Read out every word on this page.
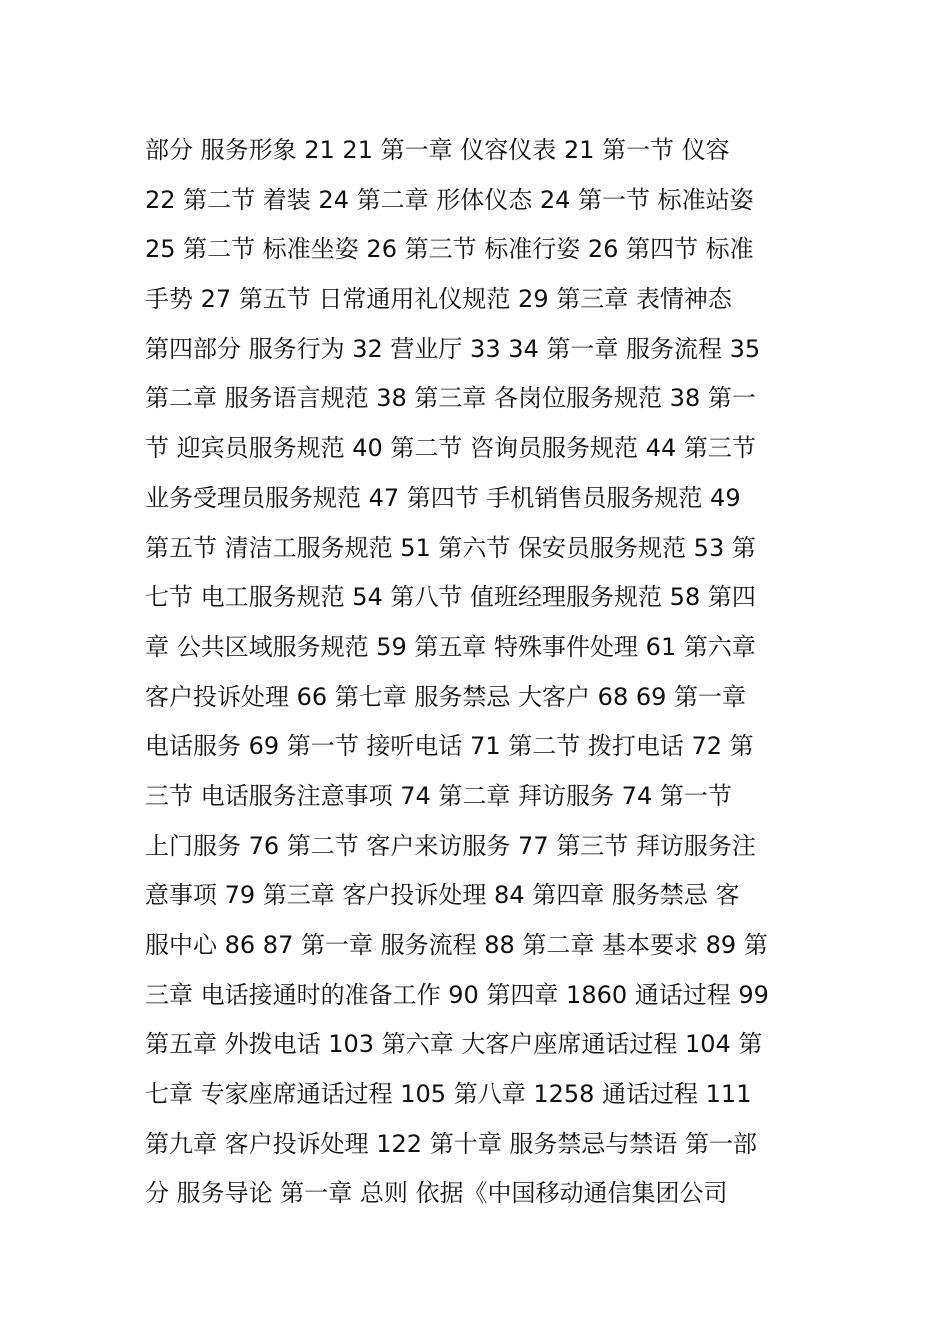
部分 服务形象 21 21 第一章 仪容仪表 21 第一节 仪容
22 第二节 着装 24 第二章 形体仪态 24 第一节 标准站姿
25 第二节 标准坐姿 26 第三节 标准行姿 26 第四节 标准
手势 27 第五节 日常通用礼仪规范 29 第三章 表情神态
第四部分 服务行为 32 营业厅 33 34 第一章 服务流程 35
第二章 服务语言规范 38 第三章 各岗位服务规范 38 第一
节 迎宾员服务规范 40 第二节 咨询员服务规范 44 第三节
业务受理员服务规范 47 第四节 手机销售员服务规范 49
第五节 清洁工服务规范 51 第六节 保安员服务规范 53 第
七节 电工服务规范 54 第八节 值班经理服务规范 58 第四
章 公共区域服务规范 59 第五章 特殊事件处理 61 第六章
客户投诉处理 66 第七章 服务禁忌 大客户 68 69 第一章
电话服务 69 第一节 接听电话 71 第二节 拨打电话 72 第
三节 电话服务注意事项 74 第二章 拜访服务 74 第一节
上门服务 76 第二节 客户来访服务 77 第三节 拜访服务注
意事项 79 第三章 客户投诉处理 84 第四章 服务禁忌 客
服中心 86 87 第一章 服务流程 88 第二章 基本要求 89 第
三章 电话接通时的准备工作 90 第四章 1860 通话过程 99
第五章 外拨电话 103 第六章 大客户座席通话过程 104 第
七章 专家座席通话过程 105 第八章 1258 通话过程 111
第九章 客户投诉处理 122 第十章 服务禁忌与禁语 第一部
分 服务导论 第一章 总则 依据《中国移动通信集团公司
